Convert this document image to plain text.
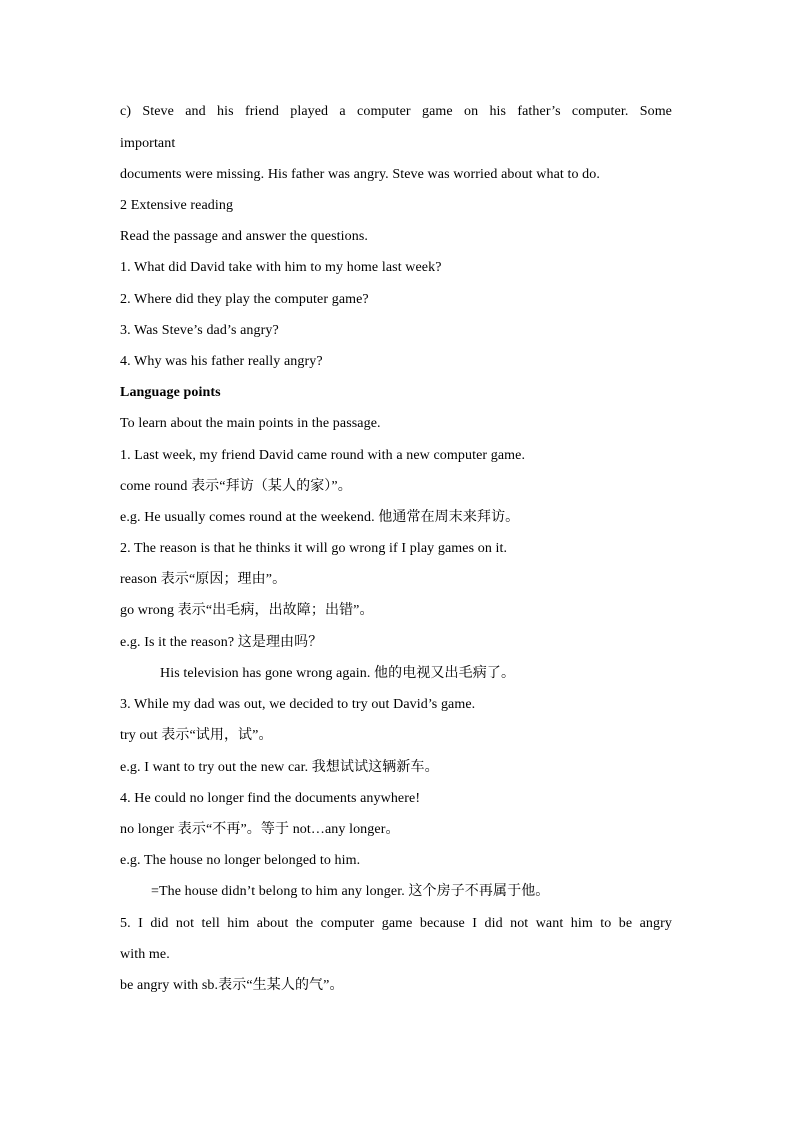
c) Steve and his friend played a computer game on his father’s computer. Some
important
documents were missing. His father was angry. Steve was worried about what to do.
2 Extensive reading
Read the passage and answer the questions.
1. What did David take with him to my home last week?
2. Where did they play the computer game?
3. Was Steve’s dad’s angry?
4. Why was his father really angry?
Language points
To learn about the main points in the passage.
1. Last week, my friend David came round with a new computer game.
come round 表示“拜访（某人的家）”。
e.g. He usually comes round at the weekend. 他通常在周末来拜访。
2. The reason is that he thinks it will go wrong if I play games on it.
reason 表示“原因；理由”。
go wrong 表示“出毛病，出故障；出错”。
e.g. Is it the reason? 这是理由吗？
His television has gone wrong again. 他的电视又出毛病了。
3. While my dad was out, we decided to try out David’s game.
try out 表示“试用，试”。
e.g. I want to try out the new car. 我想试试这辆新车。
4. He could no longer find the documents anywhere!
no longer 表示“不再”。等于 not…any longer。
e.g. The house no longer belonged to him.
=The house didn’t belong to him any longer. 这个房子不再属于他。
5. I did not tell him about the computer game because I did not want him to be angry
with me.
be angry with sb.表示“生某人的气”。
